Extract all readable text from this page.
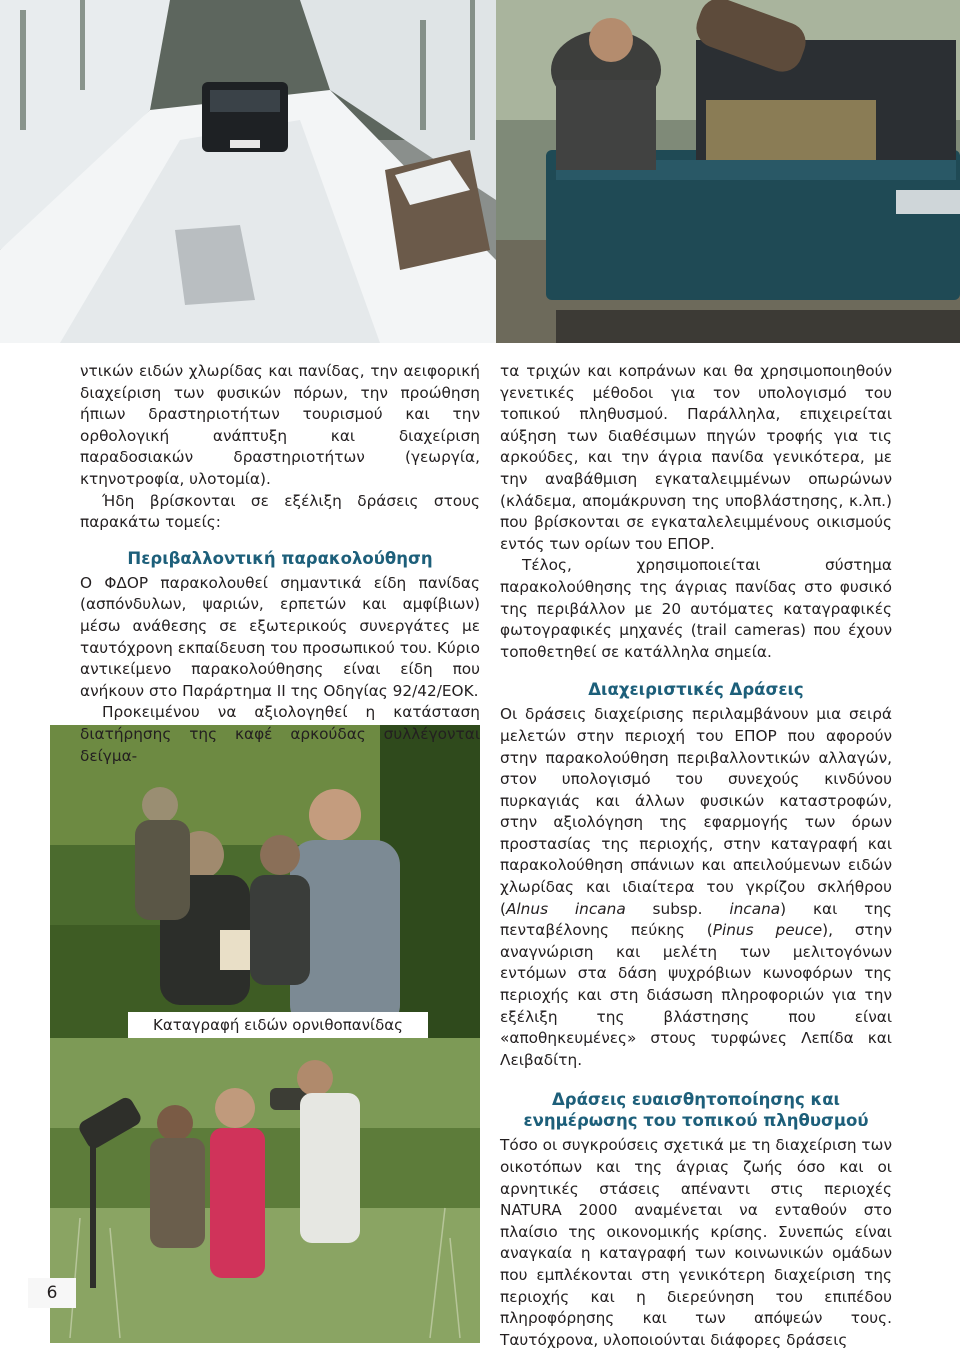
Καταγραφή ειδών ορνιθοπανίδας
6

ντικών ειδών χλωρίδας και πανίδας, την αειφορική διαχείριση των φυσικών πόρων, την προώθηση ήπιων δραστηριοτήτων τουρισμού και την ορθολογική ανάπτυξη και διαχείριση παραδοσιακών δραστηριοτήτων (γεωργία, κτηνοτροφία, υλοτομία).

Ήδη βρίσκονται σε εξέλιξη δράσεις στους παρακάτω τομείς:

Περιβαλλοντική παρακολούθηση

Ο ΦΔΟΡ παρακολουθεί σημαντικά είδη πανίδας (ασπόνδυλων, ψαριών, ερπετών και αμφίβιων) μέσω ανάθεσης σε εξωτερικούς συνεργάτες με ταυτόχρονη εκπαίδευση του προσωπικού του. Κύριο αντικείμενο παρακολούθησης είναι είδη που ανήκουν στο Παράρτημα ΙΙ της Οδηγίας 92/42/ΕΟΚ.

Προκειμένου να αξιολογηθεί η κατάσταση διατήρησης της καφέ αρκούδας συλλέγονται δείγμα-

τα τριχών και κοπράνων και θα χρησιμοποιηθούν γενετικές μέθοδοι για τον υπολογισμό του τοπικού πληθυσμού. Παράλληλα, επιχειρείται αύξηση των διαθέσιμων πηγών τροφής για τις αρκούδες, και την άγρια πανίδα γενικότερα, με την αναβάθμιση εγκαταλειμμένων οπωρώνων (κλάδεμα, απομάκρυνση της υποβλάστησης, κ.λπ.) που βρίσκονται σε εγκαταλελειμμένους οικισμούς εντός των ορίων του ΕΠΟΡ.

Τέλος, χρησιμοποιείται σύστημα παρακολούθησης της άγριας πανίδας στο φυσικό της περιβάλλον με 20 αυτόματες καταγραφικές φωτογραφικές μηχανές (trail cameras) που έχουν τοποθετηθεί σε κατάλληλα σημεία.

Διαχειριστικές Δράσεις

Οι δράσεις διαχείρισης περιλαμβάνουν μια σειρά μελετών στην περιοχή του ΕΠΟΡ που αφορούν στην παρακολούθηση περιβαλλοντικών αλλαγών, στον υπολογισμό του συνεχούς κινδύνου πυρκαγιάς και άλλων φυσικών καταστροφών, στην αξιολόγηση της εφαρμογής των όρων προστασίας της περιοχής, στην καταγραφή και παρακολούθηση σπάνιων και απειλούμενων ειδών χλωρίδας και ιδιαίτερα του γκρίζου σκλήθρου (Alnus incana subsp. incana) και της πενταβέλονης πεύκης (Pinus peuce), στην αναγνώριση και μελέτη των μελιτογόνων εντόμων στα δάση ψυχρόβιων κωνοφόρων της περιοχής και στη διάσωση πληροφοριών για την εξέλιξη της βλάστησης που είναι «αποθηκευμένες» στους τυρφώνες Λεπίδα και Λειβαδίτη.

Δράσεις ευαισθητοποίησης και ενημέρωσης του τοπικού πληθυσμού

Τόσο οι συγκρούσεις σχετικά με τη διαχείριση των οικοτόπων και της άγριας ζωής όσο και οι αρνητικές στάσεις απέναντι στις περιοχές NATURA 2000 αναμένεται να ενταθούν στο πλαίσιο της οικονομικής κρίσης. Συνεπώς είναι αναγκαία η καταγραφή των κοινωνικών ομάδων που εμπλέκονται στη γενικότερη διαχείριση της περιοχής και η διερεύνηση του επιπέδου πληροφόρησης και των απόψεών τους. Ταυτόχρονα, υλοποιούνται διάφορες δράσεις
